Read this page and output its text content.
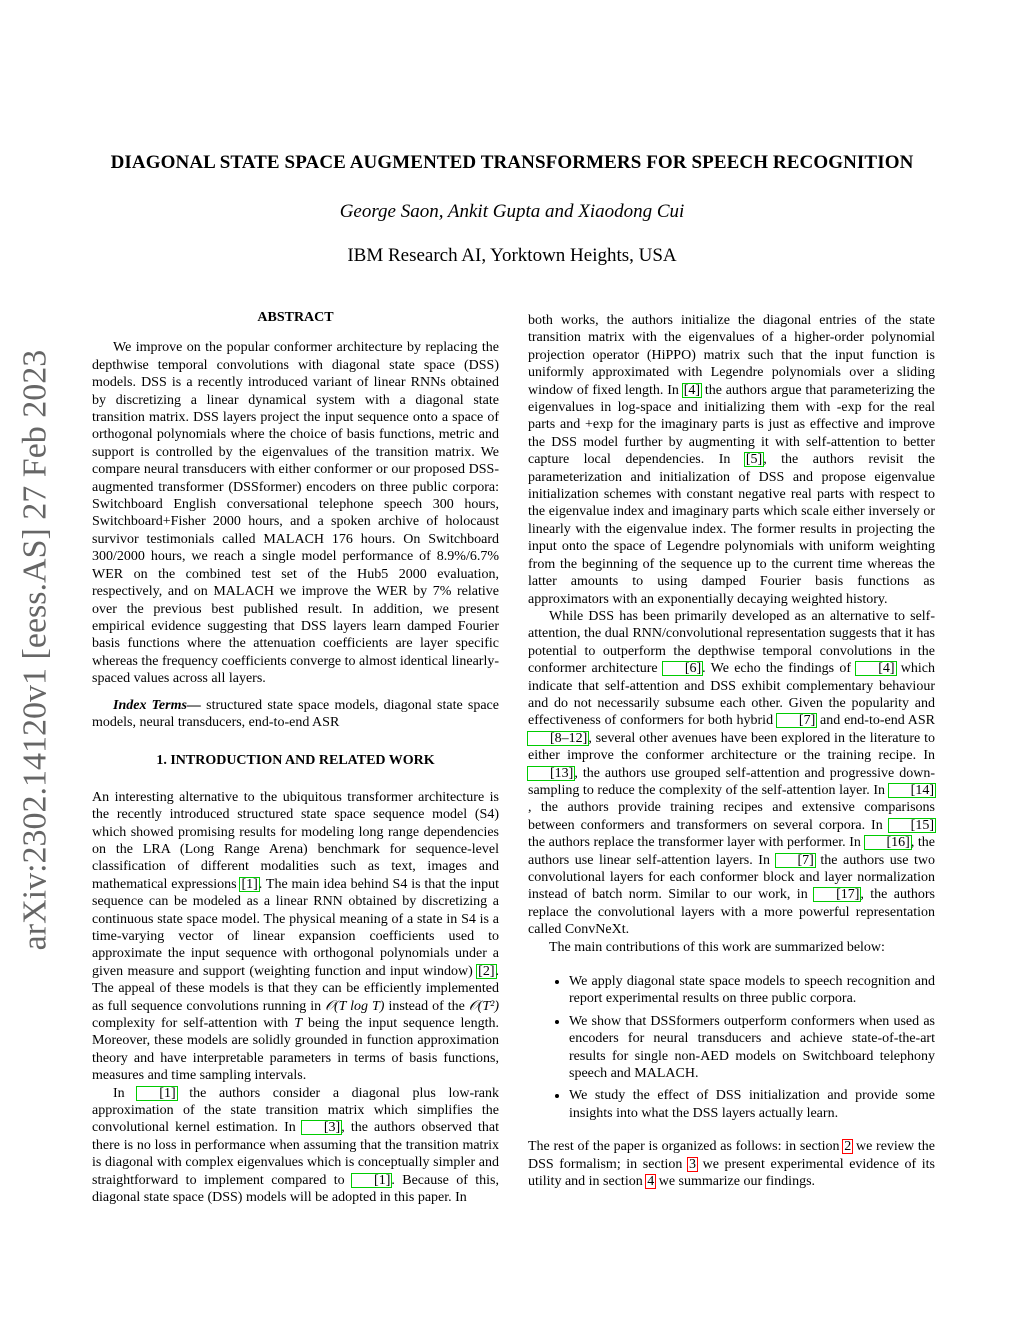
arXiv:2302.14120v1 [eess.AS] 27 Feb 2023
DIAGONAL STATE SPACE AUGMENTED TRANSFORMERS FOR SPEECH RECOGNITION
George Saon, Ankit Gupta and Xiaodong Cui
IBM Research AI, Yorktown Heights, USA
ABSTRACT

We improve on the popular conformer architecture by replacing the depthwise temporal convolutions with diagonal state space (DSS) models. DSS is a recently introduced variant of linear RNNs obtained by discretizing a linear dynamical system with a diagonal state transition matrix. DSS layers project the input sequence onto a space of orthogonal polynomials where the choice of basis functions, metric and support is controlled by the eigenvalues of the transition matrix. We compare neural transducers with either conformer or our proposed DSS-augmented transformer (DSSformer) encoders on three public corpora: Switchboard English conversational telephone speech 300 hours, Switchboard+Fisher 2000 hours, and a spoken archive of holocaust survivor testimonials called MALACH 176 hours. On Switchboard 300/2000 hours, we reach a single model performance of 8.9%/6.7% WER on the combined test set of the Hub5 2000 evaluation, respectively, and on MALACH we improve the WER by 7% relative over the previous best published result. In addition, we present empirical evidence suggesting that DSS layers learn damped Fourier basis functions where the attenuation coefficients are layer specific whereas the frequency coefficients converge to almost identical linearly-spaced values across all layers.

Index Terms— structured state space models, diagonal state space models, neural transducers, end-to-end ASR

1. INTRODUCTION AND RELATED WORK

An interesting alternative to the ubiquitous transformer architecture is the recently introduced structured state space sequence model (S4) which showed promising results for modeling long range dependencies on the LRA (Long Range Arena) benchmark for sequence-level classification of different modalities such as text, images and mathematical expressions [1]. The main idea behind S4 is that the input sequence can be modeled as a linear RNN obtained by discretizing a continuous state space model. The physical meaning of a state in S4 is a time-varying vector of linear expansion coefficients used to approximate the input sequence with orthogonal polynomials under a given measure and support (weighting function and input window) [2]. The appeal of these models is that they can be efficiently implemented as full sequence convolutions running in 𝒪(T log T) instead of the 𝒪(T²) complexity for self-attention with T being the input sequence length. Moreover, these models are solidly grounded in function approximation theory and have interpretable parameters in terms of basis functions, measures and time sampling intervals.

In [1] the authors consider a diagonal plus low-rank approximation of the state transition matrix which simplifies the convolutional kernel estimation. In [3], the authors observed that there is no loss in performance when assuming that the transition matrix is diagonal with complex eigenvalues which is conceptually simpler and straightforward to implement compared to [1]. Because of this, diagonal state space (DSS) models will be adopted in this paper. In

both works, the authors initialize the diagonal entries of the state transition matrix with the eigenvalues of a higher-order polynomial projection operator (HiPPO) matrix such that the input function is uniformly approximated with Legendre polynomials over a sliding window of fixed length. In [4] the authors argue that parameterizing the eigenvalues in log-space and initializing them with -exp for the real parts and +exp for the imaginary parts is just as effective and improve the DSS model further by augmenting it with self-attention to better capture local dependencies. In [5], the authors revisit the parameterization and initialization of DSS and propose eigenvalue initialization schemes with constant negative real parts with respect to the eigenvalue index and imaginary parts which scale either inversely or linearly with the eigenvalue index. The former results in projecting the input onto the space of Legendre polynomials with uniform weighting from the beginning of the sequence up to the current time whereas the latter amounts to using damped Fourier basis functions as approximators with an exponentially decaying weighted history.

While DSS has been primarily developed as an alternative to self-attention, the dual RNN/convolutional representation suggests that it has potential to outperform the depthwise temporal convolutions in the conformer architecture [6]. We echo the findings of [4] which indicate that self-attention and DSS exhibit complementary behaviour and do not necessarily subsume each other. Given the popularity and effectiveness of conformers for both hybrid [7] and end-to-end ASR [8–12], several other avenues have been explored in the literature to either improve the conformer architecture or the training recipe. In [13], the authors use grouped self-attention and progressive down-sampling to reduce the complexity of the self-attention layer. In [14], the authors provide training recipes and extensive comparisons between conformers and transformers on several corpora. In [15] the authors replace the transformer layer with performer. In [16], the authors use linear self-attention layers. In [7] the authors use two convolutional layers for each conformer block and layer normalization instead of batch norm. Similar to our work, in [17], the authors replace the convolutional layers with a more powerful representation called ConvNeXt.

The main contributions of this work are summarized below:

• We apply diagonal state space models to speech recognition and report experimental results on three public corpora.
• We show that DSSformers outperform conformers when used as encoders for neural transducers and achieve state-of-the-art results for single non-AED models on Switchboard telephony speech and MALACH.
• We study the effect of DSS initialization and provide some insights into what the DSS layers actually learn.

The rest of the paper is organized as follows: in section 2 we review the DSS formalism; in section 3 we present experimental evidence of its utility and in section 4 we summarize our findings.
